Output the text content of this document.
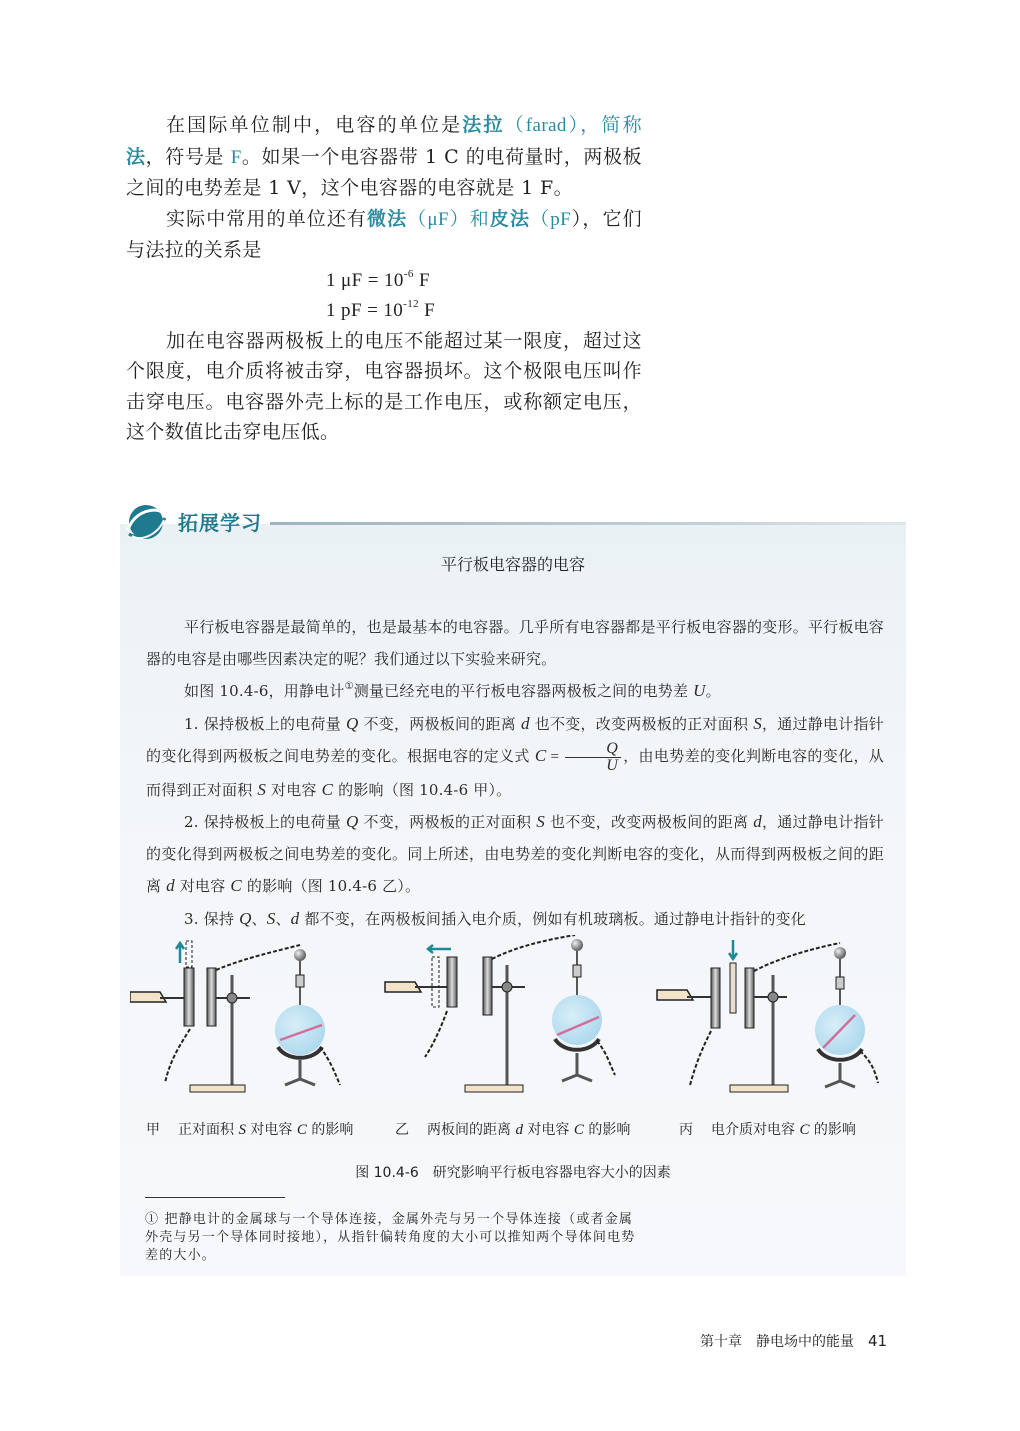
在国际单位制中，电容的单位是法拉（farad），简称法，符号是 F。如果一个电容器带 1 C 的电荷量时，两极板之间的电势差是 1 V，这个电容器的电容就是 1 F。

实际中常用的单位还有微法（μF）和皮法（pF），它们与法拉的关系是

1 $\mu F = 10^{-6}$ F

1 pF = $10^{-12}$ F

加在电容器两极板上的电压不能超过某一限度，超过这个限度，电介质将被击穿，电容器损坏。这个极限电压叫作击穿电压。电容器外壳上标的是工作电压，或称额定电压，这个数值比击穿电压低。

拓展学习
平行板电容器的电容

平行板电容器是最简单的，也是最基本的电容器。几乎所有电容器都是平行板电容器的变形。平行板电容器的电容是由哪些因素决定的呢？我们通过以下实验来研究。

如图 10.4-6，用静电计①测量已经充电的平行板电容器两极板之间的电势差 U。

1. 保持极板上的电荷量 Q 不变，两极板间的距离 d 也不变，改变两极板的正对面积 S，通过静电计指针的变化得到两极板之间电势差的变化。根据电容的定义式 $C = \frac{Q}{U}$ ，由电势差的变化判断电容的变化，从而得到正对面积 S 对电容 C 的影响（图 10.4-6 甲）。

2. 保持极板上的电荷量 Q 不变，两极板的正对面积 S 也不变，改变两极板间的距离 d，通过静电计指针的变化得到两极板之间电势差的变化。同上所述，由电势差的变化判断电容的变化，从而得到两极板之间的距离 d 对电容 C 的影响（图 10.4-6 乙）。

3. 保持 Q、S、d 都不变，在两极板间插入电介质，例如有机玻璃板。通过静电计指针的变化

甲 正对面积 S 对电容 C 的影响	乙 两板间的距离 d 对电容 C 的影响	丙 电介质对电容 C 的影响
图 10.4-6　研究影响平行板电容器电容大小的因素
① 把静电计的金属球与一个导体连接，金属外壳与另一个导体连接（或者金属外壳与另一个导体同时接地），从指针偏转角度的大小可以推知两个导体间电势差的大小。
第十章 静电场中的能量 41
